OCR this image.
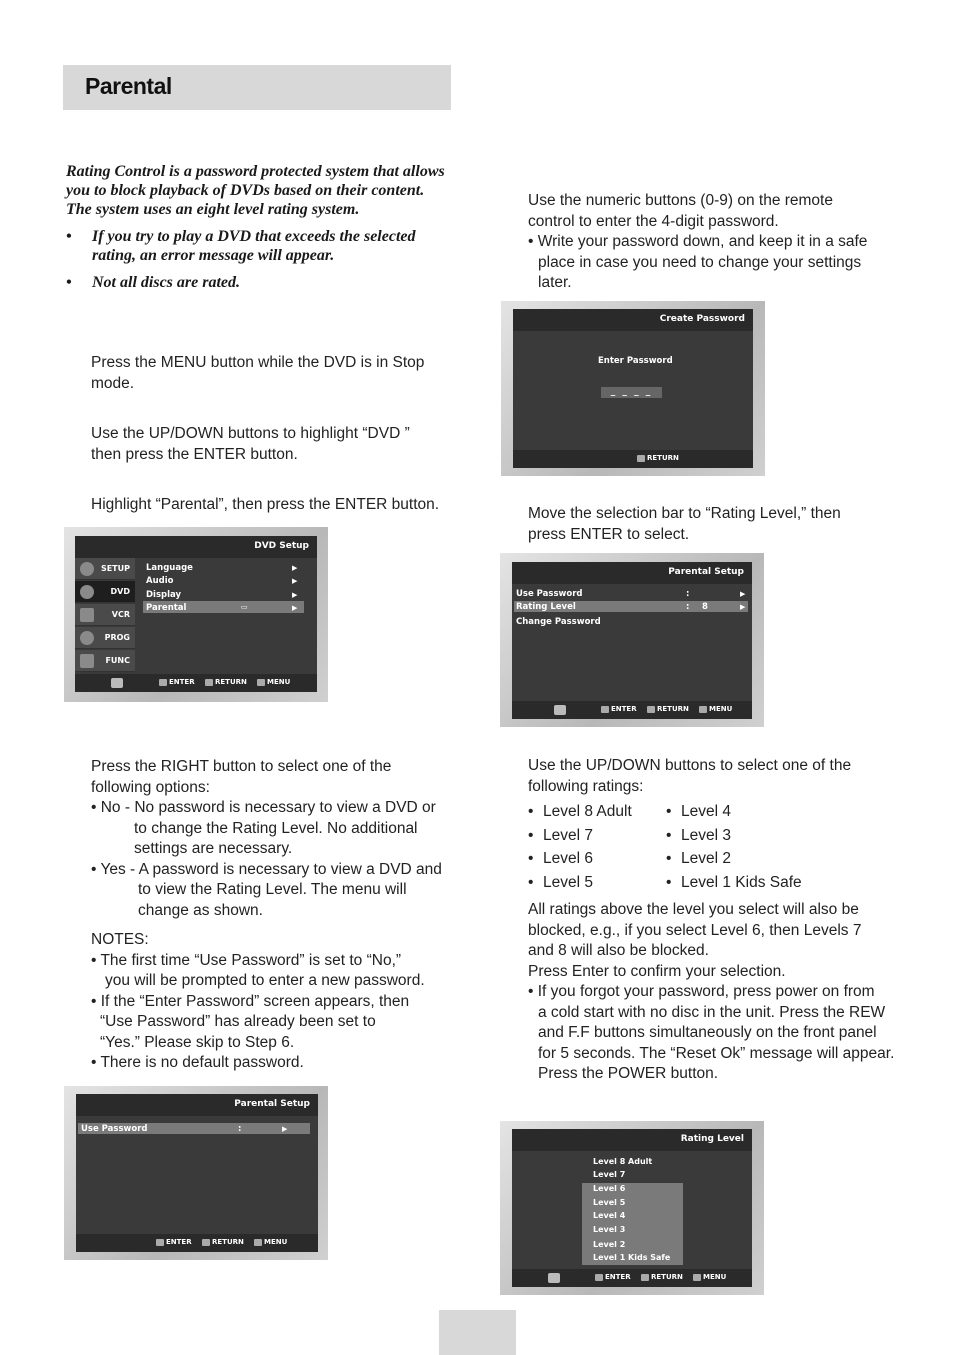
Parental

Rating Control is a password protected system that allows you to block playback of DVDs based on their content. The system uses an eight level rating system.

• If you try to play a DVD that exceeds the selected rating, an error message will appear.

• Not all discs are rated.

Press the MENU button while the DVD is in Stop

mode.

Use the UP/DOWN buttons to highlight “DVD ”

then press the ENTER button.

Highlight “Parental”, then press the ENTER button.

DVD Setup
SETUP
DVD
VCR
PROG
FUNC
Language	▶
Audio	▶
Display	▶
Parental	▭	▶
ENTER	RETURN	MENU

Press the RIGHT button to select one of the

following options:

• No - No password is necessary to view a DVD or

to change the Rating Level. No additional

settings are necessary.

• Yes - A password is necessary to view a DVD and

to view the Rating Level. The menu will

change as shown.

NOTES:

• The first time “Use Password” is set to “No,”

you will be prompted to enter a new password.

• If the “Enter Password” screen appears, then

“Use Password” has already been set to

“Yes.” Please skip to Step 6.

• There is no default password.

Parental Setup
Use Password	:	▶
ENTER	RETURN	MENU

Use the numeric buttons (0-9) on the remote

control to enter the 4-digit password.

• Write your password down, and keep it in a safe

place in case you need to change your settings

later.

Create Password
Enter Password
_ _ _ _
RETURN

Move the selection bar to “Rating Level,” then

press ENTER to select.

Parental Setup
Use Password	:	▶
Rating Level	: 8	▶
Change Password
ENTER	RETURN	MENU

Use the UP/DOWN buttons to select one of the

following ratings:

• Level 8 Adult

• Level 7

• Level 6

• Level 5

• Level 4

• Level 3

• Level 2

• Level 1 Kids Safe

All ratings above the level you select will also be

blocked, e.g., if you select Level 6, then Levels 7

and 8 will also be blocked.

Press Enter to confirm your selection.

• If you forgot your password, press power on from

a cold start with no disc in the unit. Press the REW

and F.F buttons simultaneously on the front panel

for 5 seconds. The “Reset Ok” message will appear.

Press the POWER button.

Rating Level
Level 8 Adult
Level 7
Level 6
Level 5
Level 4
Level 3
Level 2
Level 1 Kids Safe
ENTER	RETURN	MENU
